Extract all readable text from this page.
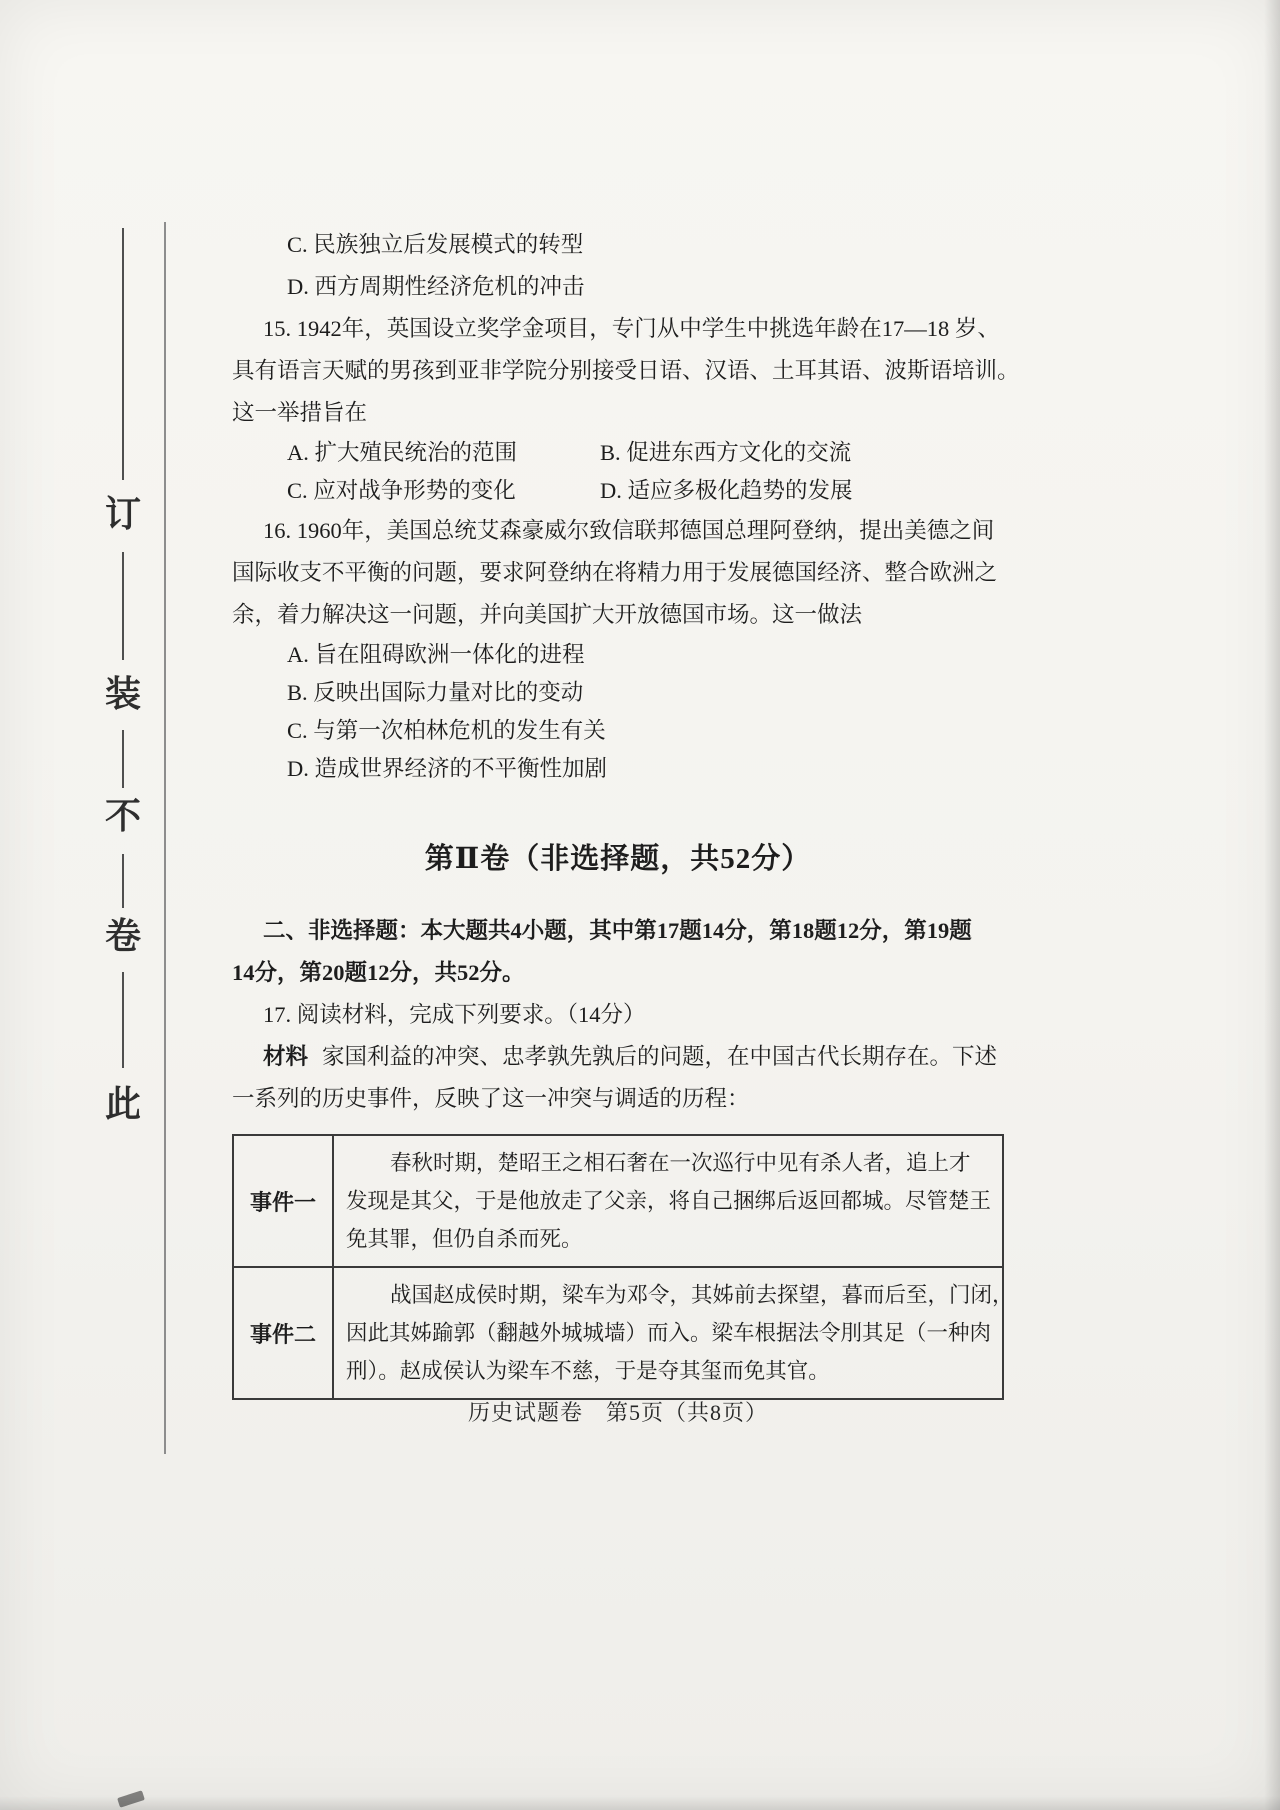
订
装
不
卷
此
C. 民族独立后发展模式的转型
D. 西方周期性经济危机的冲击
15. 1942年，英国设立奖学金项目，专门从中学生中挑选年龄在17—18 岁、
具有语言天赋的男孩到亚非学院分别接受日语、汉语、土耳其语、波斯语培训。
这一举措旨在
A. 扩大殖民统治的范围	B. 促进东西方文化的交流
C. 应对战争形势的变化	D. 适应多极化趋势的发展
16. 1960年，美国总统艾森豪威尔致信联邦德国总理阿登纳，提出美德之间
国际收支不平衡的问题，要求阿登纳在将精力用于发展德国经济、整合欧洲之
余，着力解决这一问题，并向美国扩大开放德国市场。这一做法
A. 旨在阻碍欧洲一体化的进程
B. 反映出国际力量对比的变动
C. 与第一次柏林危机的发生有关
D. 造成世界经济的不平衡性加剧
第Ⅱ卷（非选择题，共52分）
二、非选择题：本大题共4小题，其中第17题14分，第18题12分，第19题
14分，第20题12分，共52分。
17. 阅读材料，完成下列要求。（14分）
材料 家国利益的冲突、忠孝孰先孰后的问题，在中国古代长期存在。下述
一系列的历史事件，反映了这一冲突与调适的历程：
事件一	春秋时期，楚昭王之相石奢在一次巡行中见有杀人者，追上才
发现是其父，于是他放走了父亲，将自己捆绑后返回都城。尽管楚王
免其罪，但仍自杀而死。

事件二	战国赵成侯时期，梁车为邓令，其姊前去探望，暮而后至，门闭，
因此其姊踰郭（翻越外城城墙）而入。梁车根据法令刖其足（一种肉
刑）。赵成侯认为梁车不慈，于是夺其玺而免其官。
历史试题卷　第5页（共8页）
